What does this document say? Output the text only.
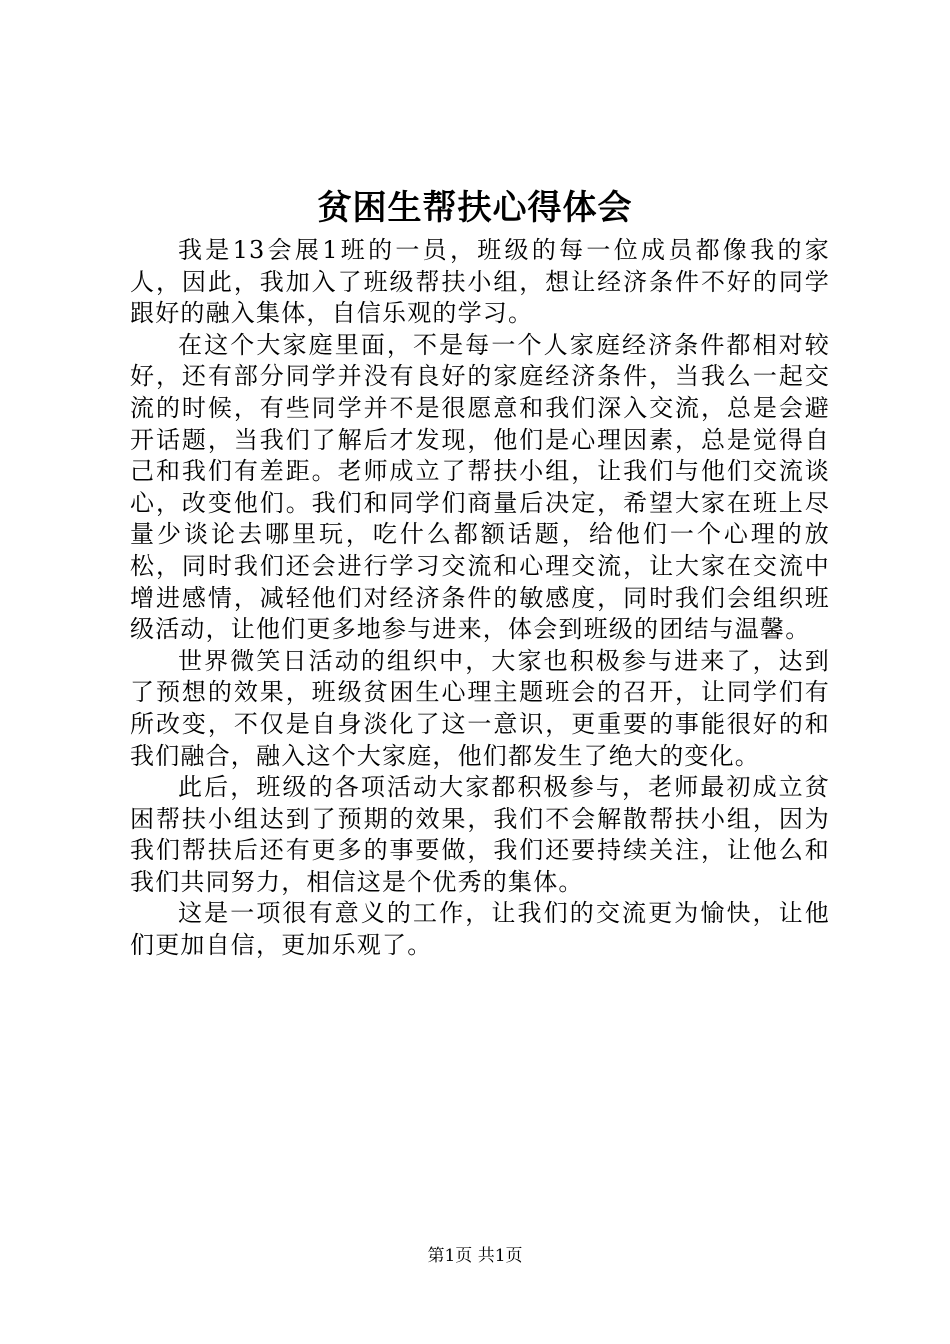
贫困生帮扶心得体会

我是13会展1班的一员，班级的每一位成员都像我的家人，因此，我加入了班级帮扶小组，想让经济条件不好的同学跟好的融入集体，自信乐观的学习。

在这个大家庭里面，不是每一个人家庭经济条件都相对较好，还有部分同学并没有良好的家庭经济条件，当我么一起交流的时候，有些同学并不是很愿意和我们深入交流，总是会避开话题，当我们了解后才发现，他们是心理因素，总是觉得自己和我们有差距。老师成立了帮扶小组，让我们与他们交流谈心，改变他们。我们和同学们商量后决定，希望大家在班上尽量少谈论去哪里玩，吃什么都额话题，给他们一个心理的放松，同时我们还会进行学习交流和心理交流，让大家在交流中增进感情，减轻他们对经济条件的敏感度，同时我们会组织班级活动，让他们更多地参与进来，体会到班级的团结与温馨。

世界微笑日活动的组织中，大家也积极参与进来了，达到了预想的效果，班级贫困生心理主题班会的召开，让同学们有所改变，不仅是自身淡化了这一意识，更重要的事能很好的和我们融合，融入这个大家庭，他们都发生了绝大的变化。

此后，班级的各项活动大家都积极参与，老师最初成立贫困帮扶小组达到了预期的效果，我们不会解散帮扶小组，因为我们帮扶后还有更多的事要做，我们还要持续关注，让他么和我们共同努力，相信这是个优秀的集体。

这是一项很有意义的工作，让我们的交流更为愉快，让他们更加自信，更加乐观了。

第1页 共1页
